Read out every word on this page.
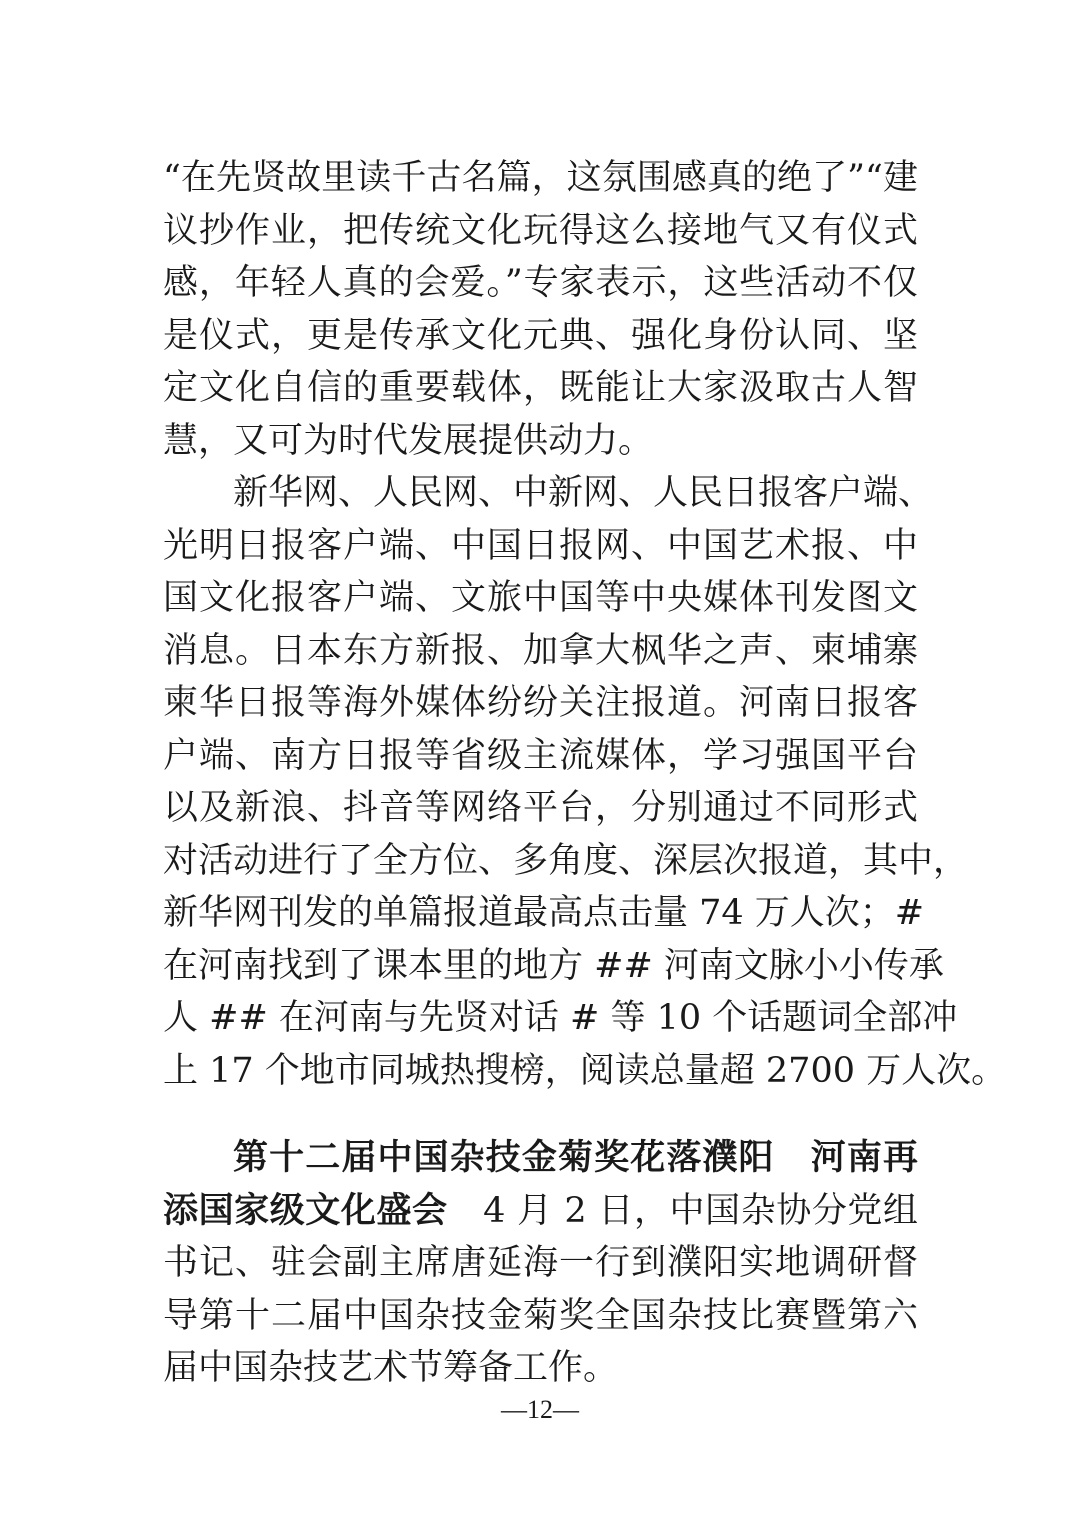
“在先贤故里读千古名篇，这氛围感真的绝了”“建
议抄作业，把传统文化玩得这么接地气又有仪式
感，年轻人真的会爱。”专家表示，这些活动不仅
是仪式，更是传承文化元典、强化身份认同、坚
定文化自信的重要载体，既能让大家汲取古人智
慧，又可为时代发展提供动力。
新华网、人民网、中新网、人民日报客户端、
光明日报客户端、中国日报网、中国艺术报、中
国文化报客户端、文旅中国等中央媒体刊发图文
消息。日本东方新报、加拿大枫华之声、柬埔寨
柬华日报等海外媒体纷纷关注报道。河南日报客
户端、南方日报等省级主流媒体，学习强国平台
以及新浪、抖音等网络平台，分别通过不同形式
对活动进行了全方位、多角度、深层次报道，其中，
新华网刊发的单篇报道最高点击量 74 万人次；#
在河南找到了课本里的地方 ## 河南文脉小小传承
人 ## 在河南与先贤对话 # 等 10 个话题词全部冲
上 17 个地市同城热搜榜，阅读总量超 2700 万人次。
第十二届中国杂技金菊奖花落濮阳　河南再
添国家级文化盛会　4 月 2 日，中国杂协分党组
书记、驻会副主席唐延海一行到濮阳实地调研督
导第十二届中国杂技金菊奖全国杂技比赛暨第六
届中国杂技艺术节筹备工作。
—12—
